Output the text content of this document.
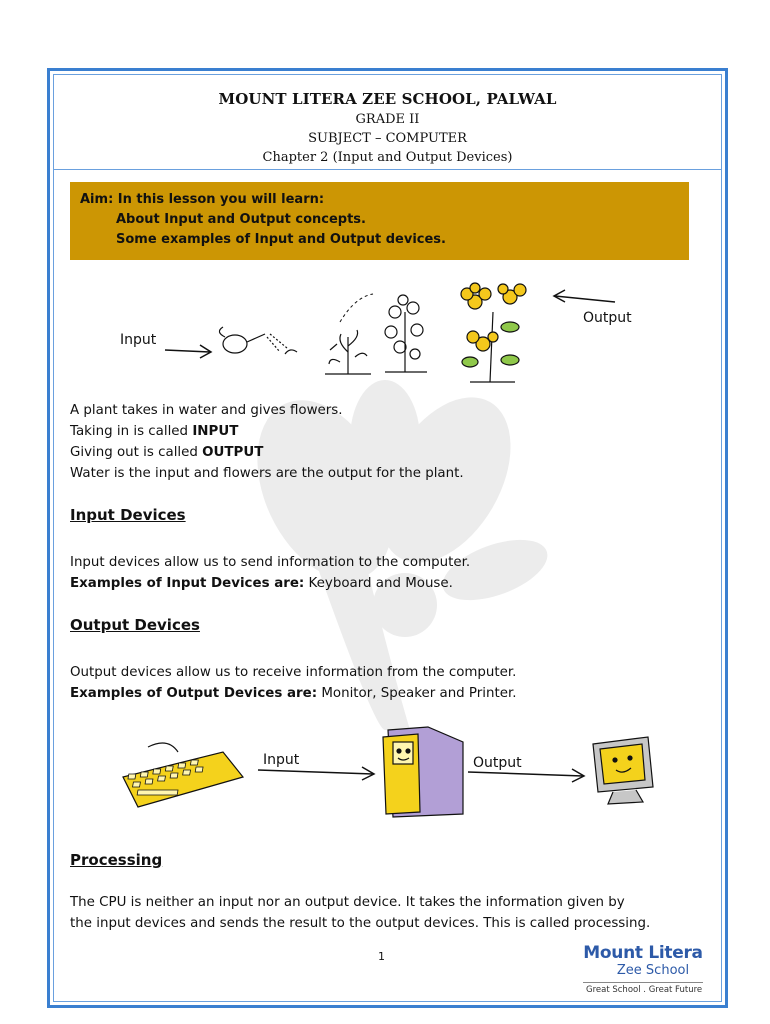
MOUNT LITERA ZEE SCHOOL, PALWAL
GRADE II
SUBJECT – COMPUTER
Chapter 2 (Input and Output Devices)
Aim: In this lesson you will learn:
About Input and Output concepts.
Some examples of Input and Output devices.
Input
Output
A plant takes in water and gives flowers.
Taking in is called INPUT
Giving out is called OUTPUT
Water is the input and flowers are the output for the plant.
Input Devices
Input devices allow us to send information to the computer.
Examples of Input Devices are: Keyboard and Mouse.
Output Devices
Output devices allow us to receive information from the computer.
Examples of Output Devices are: Monitor, Speaker and Printer.
Input	Output
Processing
The CPU is neither an input nor an output device. It takes the information given by
the input devices and sends the result to the output devices. This is called processing.
1	Mount Litera
Zee School
Great School . Great Future
